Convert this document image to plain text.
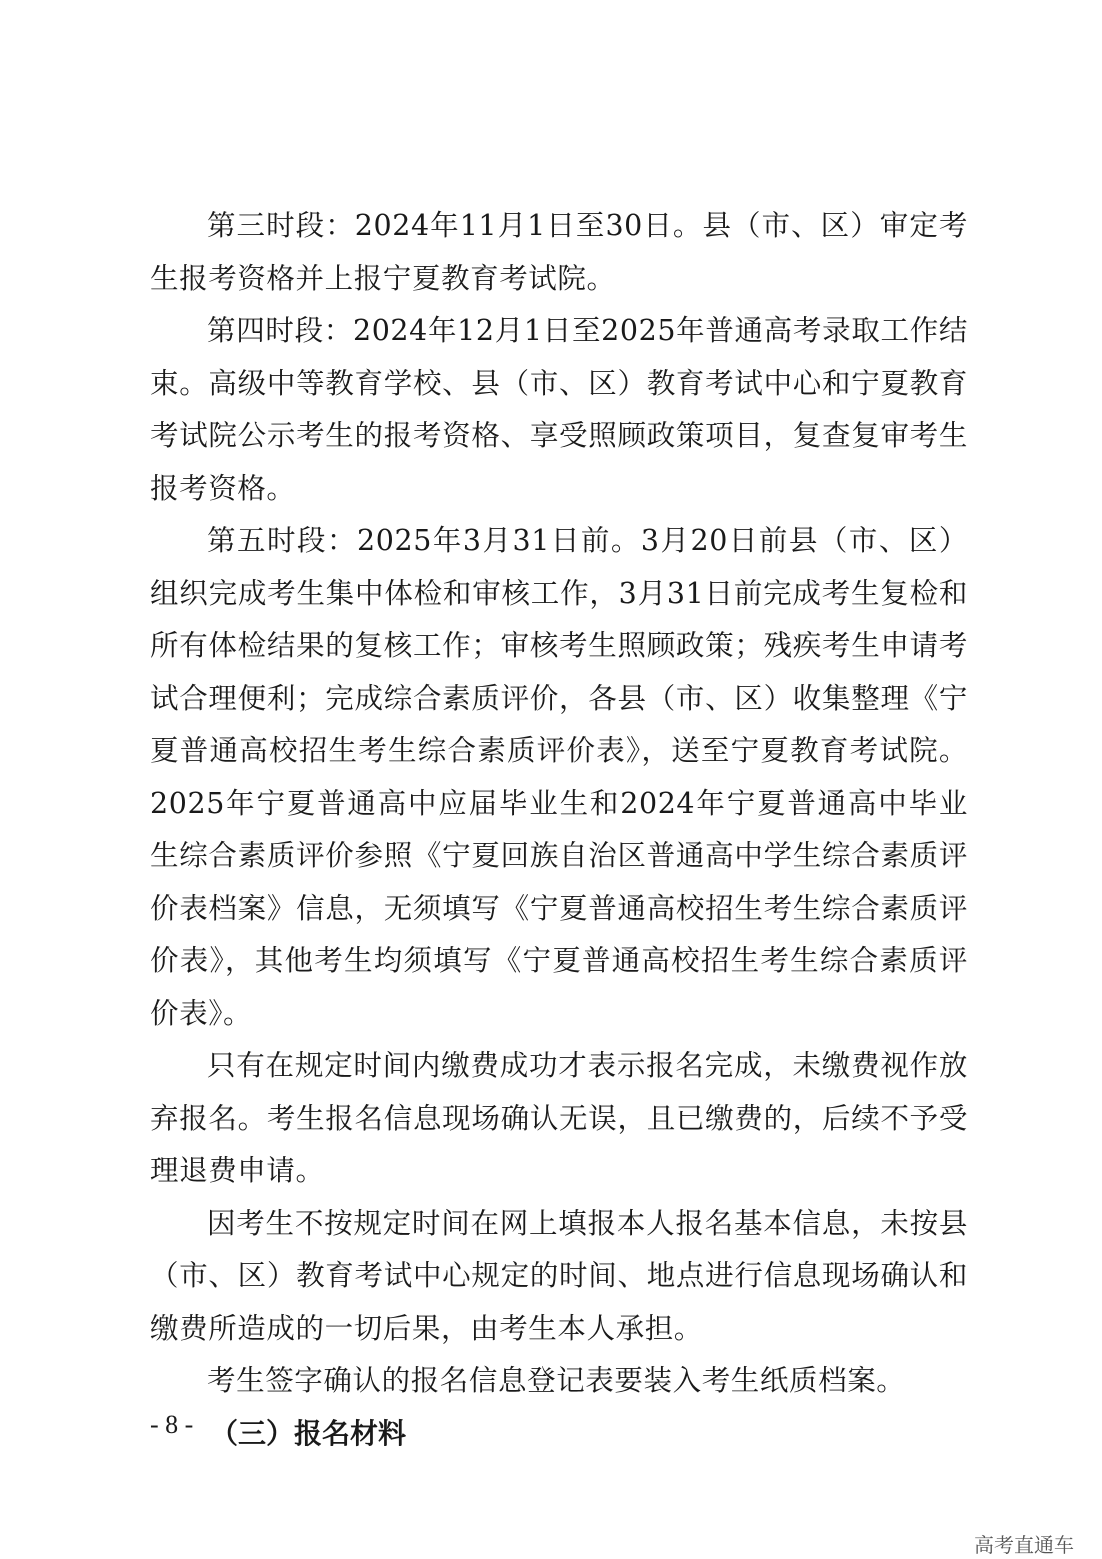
第三时段：2024年11月1日至30日。县（市、区）审定考生报考资格并上报宁夏教育考试院。

第四时段：2024年12月1日至2025年普通高考录取工作结束。高级中等教育学校、县（市、区）教育考试中心和宁夏教育考试院公示考生的报考资格、享受照顾政策项目，复查复审考生报考资格。

第五时段：2025年3月31日前。3月20日前县（市、区）组织完成考生集中体检和审核工作，3月31日前完成考生复检和所有体检结果的复核工作；审核考生照顾政策；残疾考生申请考试合理便利；完成综合素质评价，各县（市、区）收集整理《宁夏普通高校招生考生综合素质评价表》，送至宁夏教育考试院。2025年宁夏普通高中应届毕业生和2024年宁夏普通高中毕业生综合素质评价参照《宁夏回族自治区普通高中学生综合素质评价表档案》信息，无须填写《宁夏普通高校招生考生综合素质评价表》，其他考生均须填写《宁夏普通高校招生考生综合素质评价表》。

只有在规定时间内缴费成功才表示报名完成，未缴费视作放弃报名。考生报名信息现场确认无误，且已缴费的，后续不予受理退费申请。

因考生不按规定时间在网上填报本人报名基本信息，未按县（市、区）教育考试中心规定的时间、地点进行信息现场确认和缴费所造成的一切后果，由考生本人承担。

考生签字确认的报名信息登记表要装入考生纸质档案。

（三）报名材料

- 8 -
高考直通车
